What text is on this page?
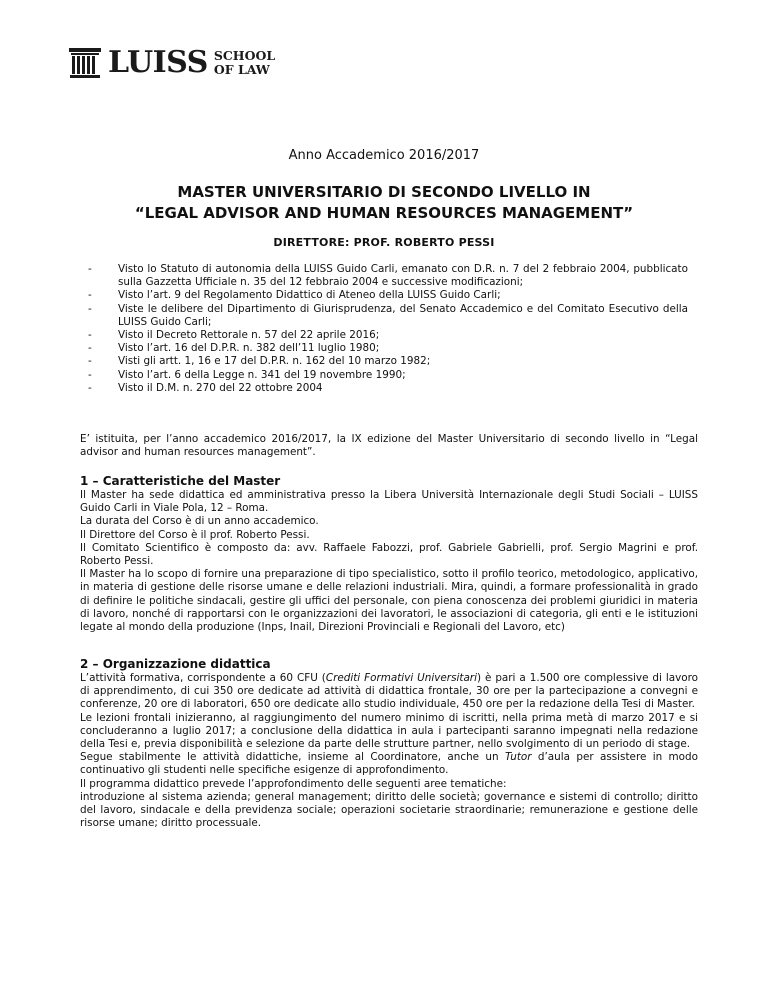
LUISS SCHOOL
OF LAW
Anno Accademico 2016/2017
MASTER UNIVERSITARIO DI SECONDO LIVELLO IN
“LEGAL ADVISOR AND HUMAN RESOURCES MANAGEMENT”
DIRETTORE: PROF. ROBERTO PESSI
- Visto lo Statuto di autonomia della LUISS Guido Carli, emanato con D.R. n. 7 del 2 febbraio 2004, pubblicato sulla Gazzetta Ufficiale n. 35 del 12 febbraio 2004 e successive modificazioni;
- Visto l’art. 9 del Regolamento Didattico di Ateneo della LUISS Guido Carli;
- Viste le delibere del Dipartimento di Giurisprudenza, del Senato Accademico e del Comitato Esecutivo della LUISS Guido Carli;
- Visto il Decreto Rettorale n. 57 del 22 aprile 2016;
- Visto l’art. 16 del D.P.R. n. 382 dell’11 luglio 1980;
- Visti gli artt. 1, 16 e 17 del D.P.R. n. 162 del 10 marzo 1982;
- Visto l’art. 6 della Legge n. 341 del 19 novembre 1990;
- Visto il D.M. n. 270 del 22 ottobre 2004
E’ istituita, per l’anno accademico 2016/2017, la IX edizione del Master Universitario di secondo livello in “Legal advisor and human resources management”.
1 – Caratteristiche del Master

Il Master ha sede didattica ed amministrativa presso la Libera Università Internazionale degli Studi Sociali – LUISS Guido Carli in Viale Pola, 12 – Roma.

La durata del Corso è di un anno accademico.

Il Direttore del Corso è il prof. Roberto Pessi.

Il Comitato Scientifico è composto da: avv. Raffaele Fabozzi, prof. Gabriele Gabrielli, prof. Sergio Magrini e prof. Roberto Pessi.

Il Master ha lo scopo di fornire una preparazione di tipo specialistico, sotto il profilo teorico, metodologico, applicativo, in materia di gestione delle risorse umane e delle relazioni industriali. Mira, quindi, a formare professionalità in grado di definire le politiche sindacali, gestire gli uffici del personale, con piena conoscenza dei problemi giuridici in materia di lavoro, nonché di rapportarsi con le organizzazioni dei lavoratori, le associazioni di categoria, gli enti e le istituzioni legate al mondo della produzione (Inps, Inail, Direzioni Provinciali e Regionali del Lavoro, etc)

2 – Organizzazione didattica

L’attività formativa, corrispondente a 60 CFU (Crediti Formativi Universitari) è pari a 1.500 ore complessive di lavoro di apprendimento, di cui 350 ore dedicate ad attività di didattica frontale, 30 ore per la partecipazione a convegni e conferenze, 20 ore di laboratori, 650 ore dedicate allo studio individuale, 450 ore per la redazione della Tesi di Master.

Le lezioni frontali inizieranno, al raggiungimento del numero minimo di iscritti, nella prima metà di marzo 2017 e si concluderanno a luglio 2017; a conclusione della didattica in aula i partecipanti saranno impegnati nella redazione della Tesi e, previa disponibilità e selezione da parte delle strutture partner, nello svolgimento di un periodo di stage.

Segue stabilmente le attività didattiche, insieme al Coordinatore, anche un Tutor d’aula per assistere in modo continuativo gli studenti nelle specifiche esigenze di approfondimento.

Il programma didattico prevede l’approfondimento delle seguenti aree tematiche:

introduzione al sistema azienda; general management; diritto delle società; governance e sistemi di controllo; diritto del lavoro, sindacale e della previdenza sociale; operazioni societarie straordinarie; remunerazione e gestione delle risorse umane; diritto processuale.
